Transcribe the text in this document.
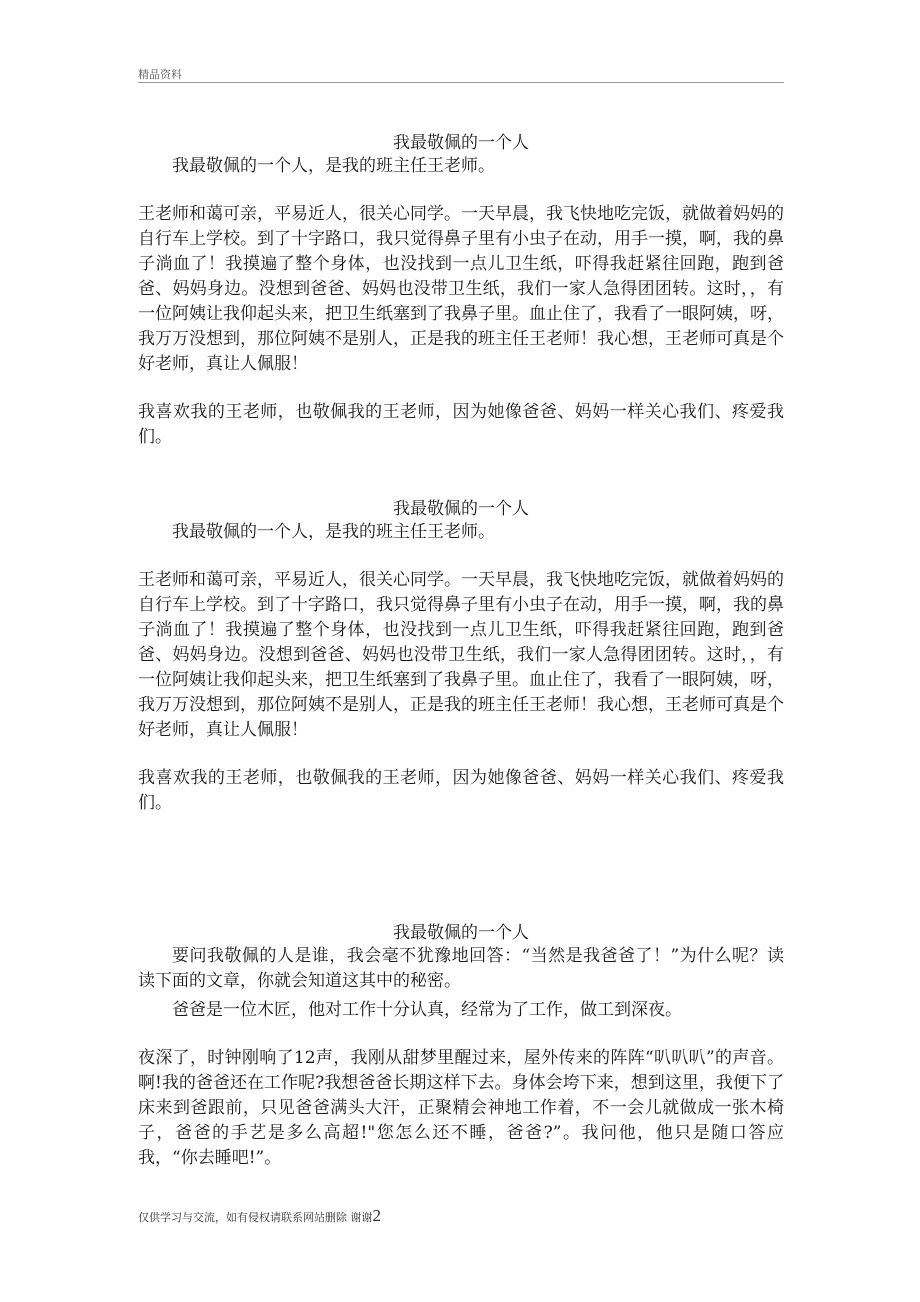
精品资料

我最敬佩的一个人

我最敬佩的一个人，是我的班主任王老师。

王老师和蔼可亲，平易近人，很关心同学。一天早晨，我飞快地吃完饭，就做着妈妈的自行车上学校。到了十字路口，我只觉得鼻子里有小虫子在动，用手一摸，啊，我的鼻子淌血了！我摸遍了整个身体，也没找到一点儿卫生纸，吓得我赶紧往回跑，跑到爸爸、妈妈身边。没想到爸爸、妈妈也没带卫生纸，我们一家人急得团团转。这时，，有一位阿姨让我仰起头来，把卫生纸塞到了我鼻子里。血止住了，我看了一眼阿姨，呀，我万万没想到，那位阿姨不是别人，正是我的班主任王老师！我心想，王老师可真是个好老师，真让人佩服！

我喜欢我的王老师，也敬佩我的王老师，因为她像爸爸、妈妈一样关心我们、疼爱我们。

我最敬佩的一个人

我最敬佩的一个人，是我的班主任王老师。

王老师和蔼可亲，平易近人，很关心同学。一天早晨，我飞快地吃完饭，就做着妈妈的自行车上学校。到了十字路口，我只觉得鼻子里有小虫子在动，用手一摸，啊，我的鼻子淌血了！我摸遍了整个身体，也没找到一点儿卫生纸，吓得我赶紧往回跑，跑到爸爸、妈妈身边。没想到爸爸、妈妈也没带卫生纸，我们一家人急得团团转。这时，，有一位阿姨让我仰起头来，把卫生纸塞到了我鼻子里。血止住了，我看了一眼阿姨，呀，我万万没想到，那位阿姨不是别人，正是我的班主任王老师！我心想，王老师可真是个好老师，真让人佩服！

我喜欢我的王老师，也敬佩我的王老师，因为她像爸爸、妈妈一样关心我们、疼爱我们。

我最敬佩的一个人

要问我敬佩的人是谁，我会毫不犹豫地回答：“当然是我爸爸了！”为什么呢？读读下面的文章，你就会知道这其中的秘密。

爸爸是一位木匠，他对工作十分认真，经常为了工作，做工到深夜。

夜深了，时钟刚响了12声，我刚从甜梦里醒过来，屋外传来的阵阵“叭叭叭”的声音。啊!我的爸爸还在工作呢?我想爸爸长期这样下去。身体会垮下来，想到这里，我便下了床来到爸跟前，只见爸爸满头大汗，正聚精会神地工作着，不一会儿就做成一张木椅子，爸爸的手艺是多么高超!"您怎么还不睡，爸爸?”。我问他，他只是随口答应我，“你去睡吧!”。

仅供学习与交流，如有侵权请联系网站删除 谢谢2
